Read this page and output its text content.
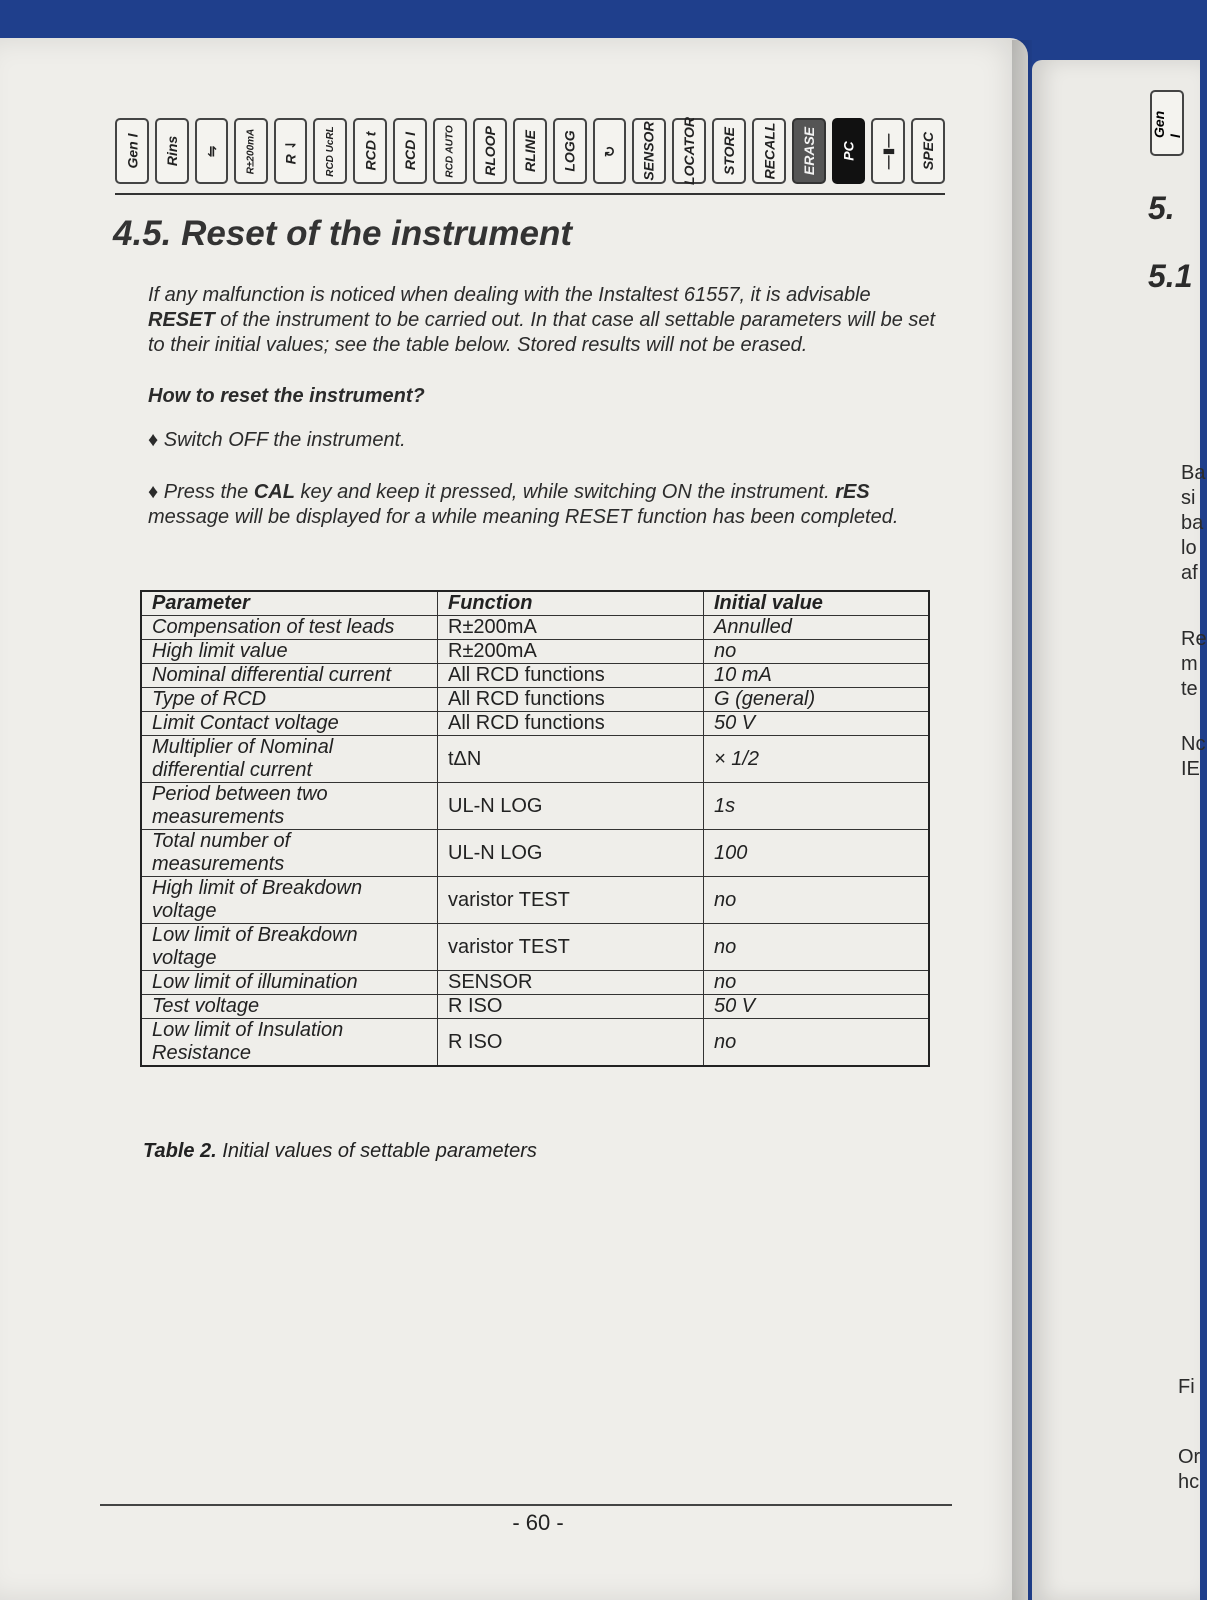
Gen I Rins ⇋	R±200mA R ⇃	RCD UcRL RCD t RCD I	RCD AUTO RLOOP RLINE LOGG ↻ SENSOR LOCATOR STORE RECALL ERASE PC —▮— SPEC
4.5. Reset of the instrument

If any malfunction is noticed when dealing with the Instaltest 61557, it is advisable RESET of the instrument to be carried out. In that case all settable parameters will be set to their initial values; see the table below. Stored results will not be erased.

How to reset the instrument?

♦ Switch OFF the instrument.

♦ Press the CAL key and keep it pressed, while switching ON the instrument. rES message will be displayed for a while meaning RESET function has been completed.

Parameter	Function	Initial value
Compensation of test leads	R±200mA	Annulled
High limit value	R±200mA	no
Nominal differential current	All RCD functions	10 mA
Type of RCD	All RCD functions	G (general)
Limit Contact voltage	All RCD functions	50 V
Multiplier of Nominal differential current	tΔN	× 1/2
Period between two measurements	UL-N LOG	1s
Total number of measurements	UL-N LOG	100
High limit of Breakdown voltage	varistor TEST	no
Low limit of Breakdown voltage	varistor TEST	no
Low limit of illumination	SENSOR	no
Test voltage	R ISO	50 V
Low limit of Insulation Resistance	R ISO	no

Table 2. Initial values of settable parameters

- 60 -
Gen I
5.
5.1
Ba
si
ba
lo
af
Re
m
te
Nc
IE
Fi
Or
hc
